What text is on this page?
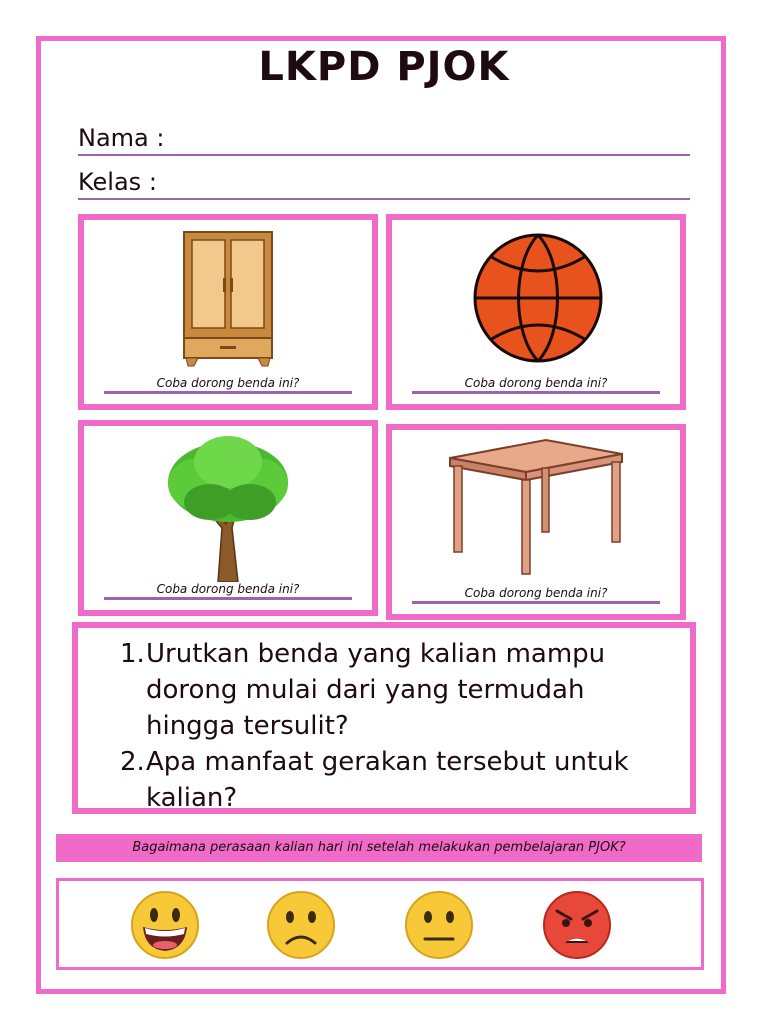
LKPD PJOK
Nama :
Kelas :
Coba dorong benda ini?	Coba dorong benda ini?
Coba dorong benda ini?	Coba dorong benda ini?
1. Urutkan benda yang kalian mampu dorong mulai dari yang termudah hingga tersulit?
2. Apa manfaat gerakan tersebut untuk kalian?
Bagaimana perasaan kalian hari ini setelah melakukan pembelajaran PJOK?
